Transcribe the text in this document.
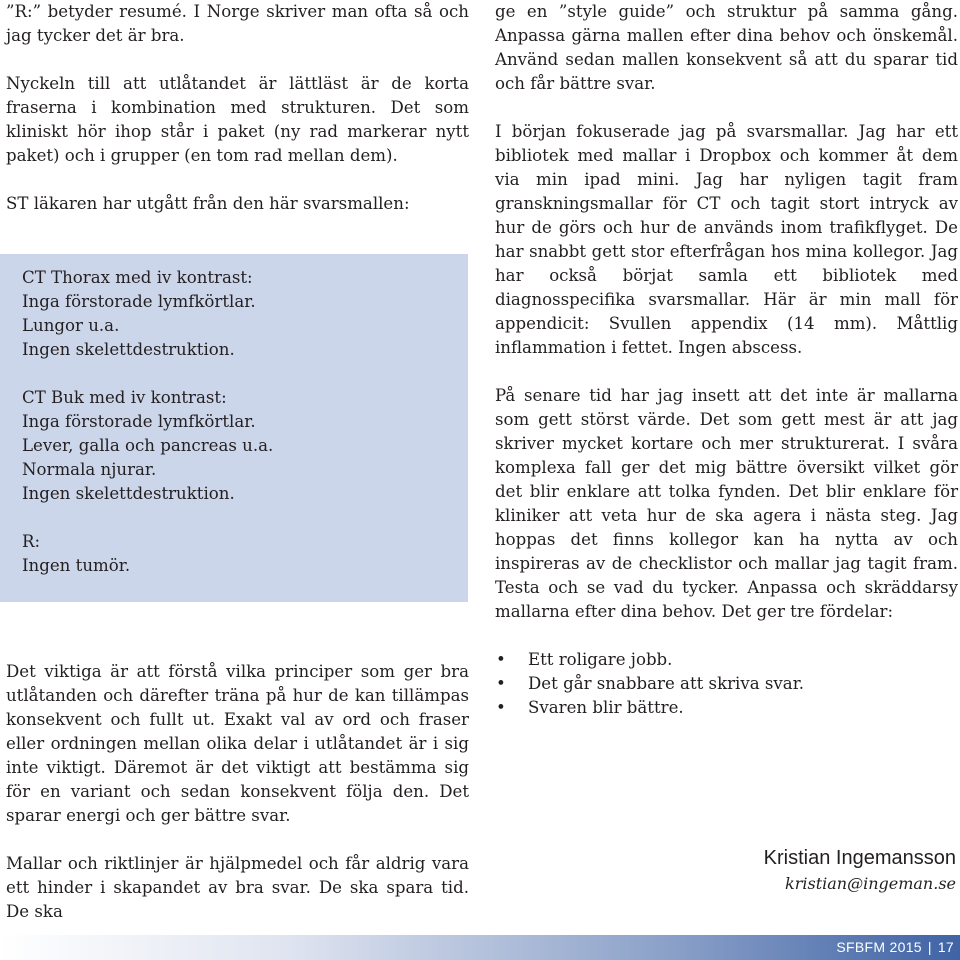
”R:” betyder resumé. I Norge skriver man ofta så och jag tycker det är bra.

Nyckeln till att utlåtandet är lättläst är de korta fraserna i kombination med strukturen. Det som kliniskt hör ihop står i paket (ny rad markerar nytt paket) och i grupper (en tom rad mellan dem).

ST läkaren har utgått från den här svarsmallen:

CT Thorax med iv kontrast:
Inga förstorade lymfkörtlar.
Lungor u.a.
Ingen skelettdestruktion.
CT Buk med iv kontrast:
Inga förstorade lymfkörtlar.
Lever, galla och pancreas u.a.
Normala njurar.
Ingen skelettdestruktion.
R:
Ingen tumör.

Det viktiga är att förstå vilka principer som ger bra utlåtanden och därefter träna på hur de kan tillämpas konsekvent och fullt ut. Exakt val av ord och fraser eller ordningen mellan olika delar i utlåtandet är i sig inte viktigt. Däremot är det viktigt att bestämma sig för en variant och sedan konsekvent följa den. Det sparar energi och ger bättre svar.

Mallar och riktlinjer är hjälpmedel och får aldrig vara ett hinder i skapandet av bra svar. De ska spara tid. De ska

ge en ”style guide” och struktur på samma gång. Anpassa gärna mallen efter dina behov och önskemål. Använd sedan mallen konsekvent så att du sparar tid och får bättre svar.

I början fokuserade jag på svarsmallar. Jag har ett bibliotek med mallar i Dropbox och kommer åt dem via min ipad mini. Jag har nyligen tagit fram granskningsmallar för CT och tagit stort intryck av hur de görs och hur de används inom trafikflyget. De har snabbt gett stor efterfrågan hos mina kollegor. Jag har också börjat samla ett bibliotek med diagnosspecifika svarsmallar. Här är min mall för appendicit: Svullen appendix (14 mm). Måttlig inflammation i fettet. Ingen abscess.

På senare tid har jag insett att det inte är mallarna som gett störst värde. Det som gett mest är att jag skriver mycket kortare och mer strukturerat. I svåra komplexa fall ger det mig bättre översikt vilket gör det blir enklare att tolka fynden. Det blir enklare för kliniker att veta hur de ska agera i nästa steg. Jag hoppas det finns kollegor kan ha nytta av och inspireras av de checklistor och mallar jag tagit fram. Testa och se vad du tycker. Anpassa och skräddarsy mallarna efter dina behov. Det ger tre fördelar:

• Ett roligare jobb.
• Det går snabbare att skriva svar.
• Svaren blir bättre.
Kristian Ingemansson
kristian@ingeman.se
SFBFM 2015 | 17
